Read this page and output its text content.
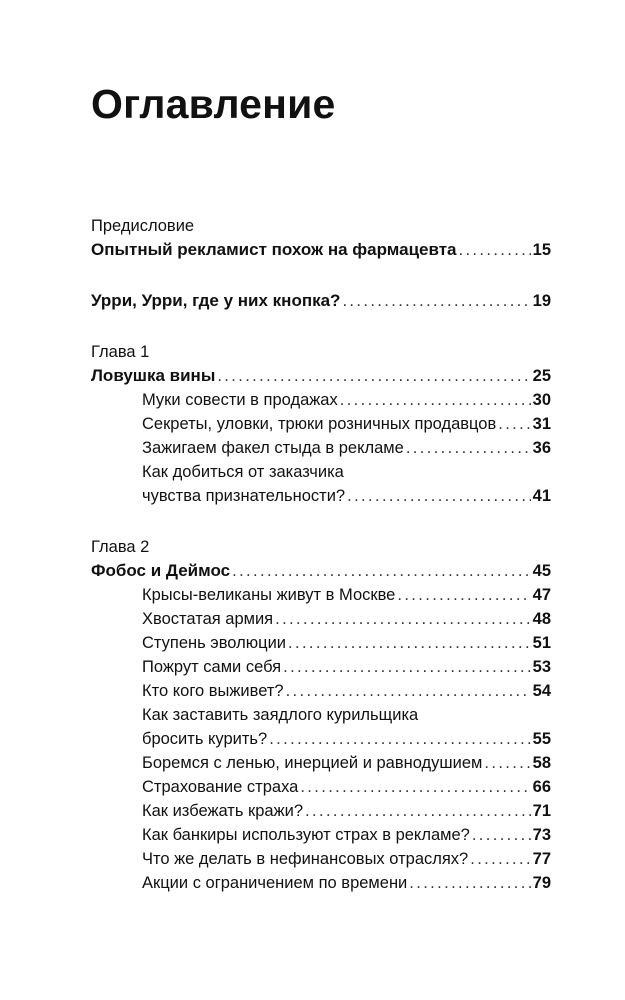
Оглавление
Предисловие
Опытный рекламист похож на фармацевта . . .	15
Урри, Урри, где у них кнопка? . . .	19
Глава 1
Ловушка вины . . .	25
Муки совести в продажах . . .	30
Секреты, уловки, трюки розничных продавцов . . . 31
Зажигаем факел стыда в рекламе . . .	36
Как добиться от заказчика
чувства признательности? . . .	41
Глава 2
Фобос и Деймос . . .	45
Крысы-великаны живут в Москве . . .	47
Хвостатая армия . . .	48
Ступень эволюции . . .	51
Пожрут сами себя . . .	53
Кто кого выживет? . . .	54
Как заставить заядлого курильщика
бросить курить? . . .	55
Боремся с ленью, инерцией и равнодушием . . .	58
Страхование страха . . .	66
Как избежать кражи? . . .	71
Как банкиры используют страх в рекламе? . . .	73
Что же делать в нефинансовых отраслях? . . .	77
Акции с ограничением по времени . . .	79
